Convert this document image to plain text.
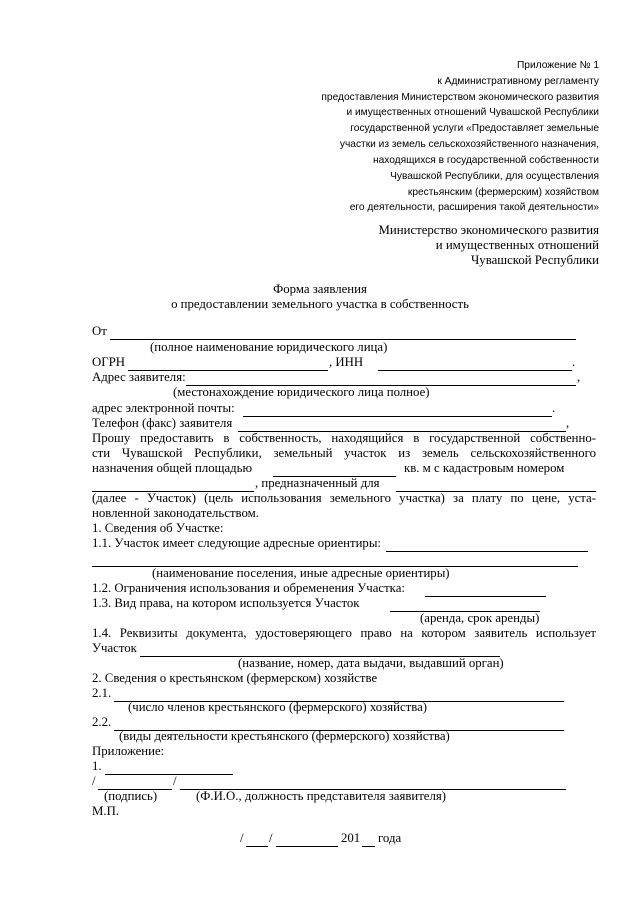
Приложение № 1
к Административному регламенту
предоставления Министерством экономического развития
и имущественных отношений Чувашской Республики
государственной услуги «Предоставляет земельные
участки из земель сельскохозяйственного назначения,
находящихся в государственной собственности
Чувашской Республики, для осуществления
крестьянским (фермерским) хозяйством
его деятельности, расширения такой деятельности»
Министерство экономического развития
и имущественных отношений
Чувашской Республики
Форма заявления
о предоставлении земельного участка в собственность
От
(полное наименование юридического лица)
ОГРН	, ИНН	.
Адрес заявителя:	,
(местонахождение юридического лица полное)
адрес электронной почты:	.
Телефон (факс) заявителя	,
Прошу предоставить в собственность, находящийся в государственной собственно-
сти Чувашской Республики, земельный участок из земель сельскохозяйственного
назначения общей площадью	кв. м с кадастровым номером
, предназначенный для
(далее - Участок) (цель использования земельного участка) за плату по цене, уста-
новленной законодательством.
1. Сведения об Участке:
1.1. Участок имеет следующие адресные ориентиры:
(наименование поселения, иные адресные ориентиры)
1.2. Ограничения использования и обременения Участка:
1.3. Вид права, на котором используется Участок
(аренда, срок аренды)
1.4. Реквизиты документа, удостоверяющего право на котором заявитель использует
Участок
(название, номер, дата выдачи, выдавший орган)
2. Сведения о крестьянском (фермерском) хозяйстве
2.1.
(число членов крестьянского (фермерского) хозяйства)
2.2.
(виды деятельности крестьянского (фермерского) хозяйства)
Приложение:
1.
/	/
(подпись)	(Ф.И.О., должность представителя заявителя)
М.П.
/ /	201 года
